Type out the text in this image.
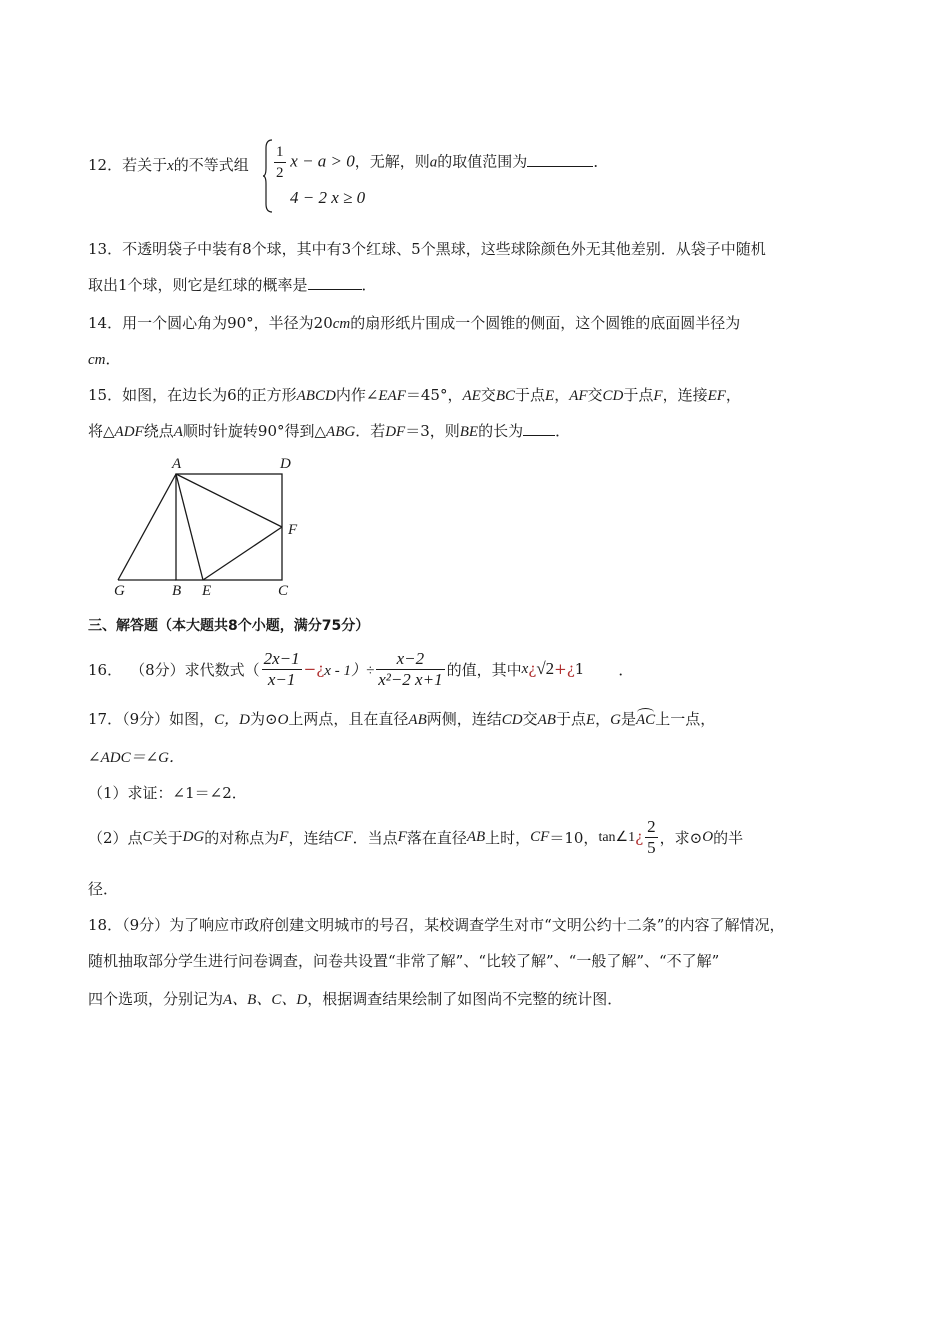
12．若关于x的不等式组 $\frac{1}{2}$ x − a > 0，无解，则a的取值范围为	．
4 − 2 x ≥ 0
13．不透明袋子中装有8个球，其中有3个红球、5个黑球，这些球除颜色外无其他差别．从袋子中随机
取出1个球，则它是红球的概率是	．
14．用一个圆心角为90°，半径为20cm的扇形纸片围成一个圆锥的侧面，这个圆锥的底面圆半径为
cm．
15．如图，在边长为6的正方形ABCD内作∠EAF＝45°，AE交BC于点E，AF交CD于点F，连接EF，
将△ADF绕点A顺时针旋转90°得到△ABG．若DF＝3，则BE的长为 ．
A	D
F
G	B E	C
三、解答题（本大题共8个小题，满分75分）
16． （8分）求代数式（ $\frac{2x-1}{x-1}$ −¿ $x - 1)\div \frac{x-2}{\text{x²−2 x+1}}$ 的值，其中 x ¿ √2 +¿ 1 ．
17．（9分）如图，C，D为⊙O上两点，且在直径AB两侧，连结CD交AB于点E，G是AC上一点，
∠ADC＝∠G．
（1）求证：∠1＝∠2．
（2）点 C 关于 DG 的对称点为 F ，连结 CF ．当点 F 落在直径 AB 上时， CF ＝10， tan∠1 ¿ $\frac{2}{5}$ ，求⊙ O 的半
径．
18．（9分）为了响应市政府创建文明城市的号召，某校调查学生对市“文明公约十二条”的内容了解情况，
随机抽取部分学生进行问卷调查，问卷共设置“非常了解”、“比较了解”、“一般了解”、“不了解”
四个选项，分别记为A、B、C、D，根据调查结果绘制了如图尚不完整的统计图．
